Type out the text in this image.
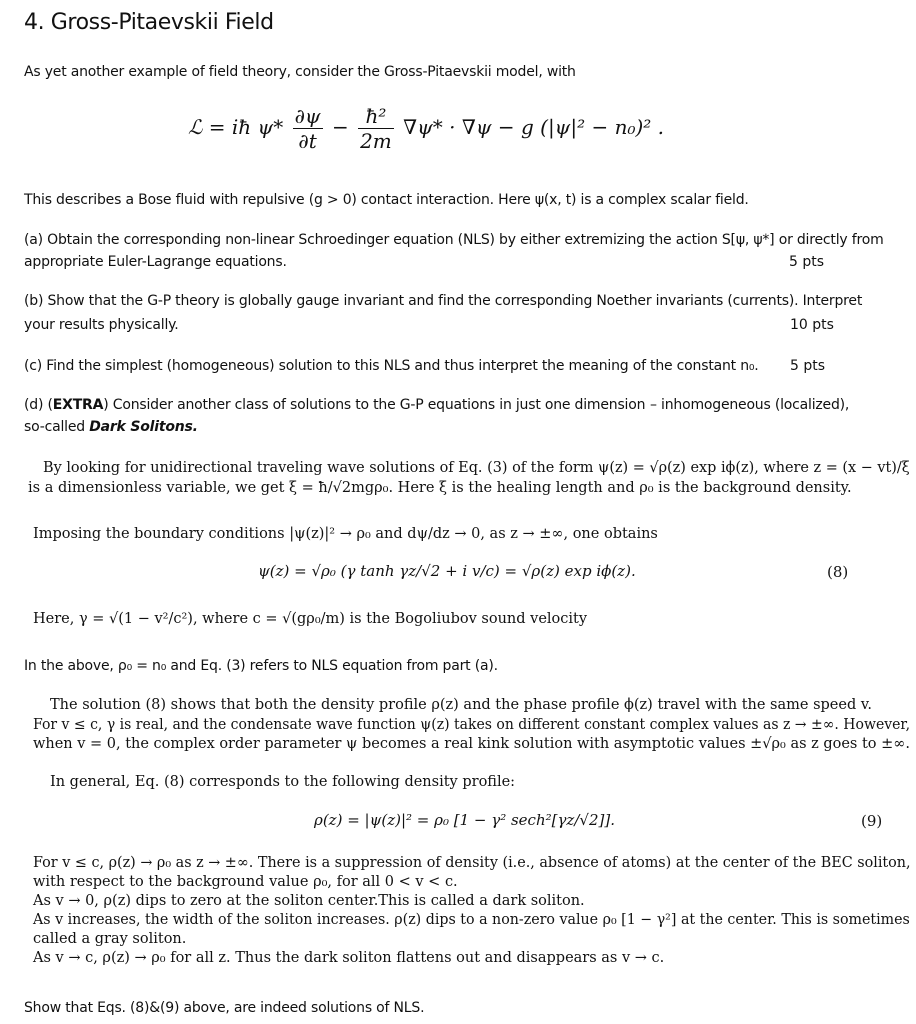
4. Gross-Pitaevskii Field
As yet another example of field theory, consider the Gross-Pitaevskii model, with
ℒ = iħ $\psi* \frac{\partial\psi}{\partial t} - \frac{\text{ħ²}}{2m} \nabla\psi* \cdot \nabla\psi - g$ (|ψ|² − n₀)² .
This describes a Bose fluid with repulsive (g > 0) contact interaction. Here ψ(x, t) is a complex scalar field.
(a) Obtain the corresponding non-linear Schroedinger equation (NLS) by either extremizing the action S[ψ, ψ*] or directly from
appropriate Euler-Lagrange equations.	5 pts
(b) Show that the G-P theory is globally gauge invariant and find the corresponding Noether invariants (currents). Interpret
your results physically.	10 pts
(c) Find the simplest (homogeneous) solution to this NLS and thus interpret the meaning of the constant n₀. 5 pts
(d) (EXTRA) Consider another class of solutions to the G-P equations in just one dimension – inhomogeneous (localized),
so-called Dark Solitons.
By looking for unidirectional traveling wave solutions of Eq. (3) of the form ψ(z) = √ρ(z) exp iϕ(z), where z = (x − vt)/ξ
is a dimensionless variable, we get ξ = ħ/√2mgρ₀. Here ξ is the healing length and ρ₀ is the background density.
Imposing the boundary conditions |ψ(z)|² → ρ₀ and dψ/dz → 0, as z → ±∞, one obtains
ψ(z) = √ρ₀ (γ tanh γz/√2 + i v/c) = √ρ(z) exp iϕ(z).	(8)
Here, γ = √(1 − v²/c²), where c = √(gρ₀/m) is the Bogoliubov sound velocity
In the above, ρ₀ = n₀ and Eq. (3) refers to NLS equation from part (a).
The solution (8) shows that both the density profile ρ(z) and the phase profile ϕ(z) travel with the same speed v.
For v ≤ c, γ is real, and the condensate wave function ψ(z) takes on different constant complex values as z → ±∞. However,
when v = 0, the complex order parameter ψ becomes a real kink solution with asymptotic values ±√ρ₀ as z goes to ±∞.
In general, Eq. (8) corresponds to the following density profile:
ρ(z) = |ψ(z)|² = ρ₀ [1 − γ² sech²[γz/√2]].	(9)
For v ≤ c, ρ(z) → ρ₀ as z → ±∞. There is a suppression of density (i.e., absence of atoms) at the center of the BEC soliton,
with respect to the background value ρ₀, for all 0 < v < c.
As v → 0, ρ(z) dips to zero at the soliton center.This is called a dark soliton.
As v increases, the width of the soliton increases. ρ(z) dips to a non-zero value ρ₀ [1 − γ²] at the center. This is sometimes
called a gray soliton.
As v → c, ρ(z) → ρ₀ for all z. Thus the dark soliton flattens out and disappears as v → c.
Show that Eqs. (8)&(9) above, are indeed solutions of NLS.
